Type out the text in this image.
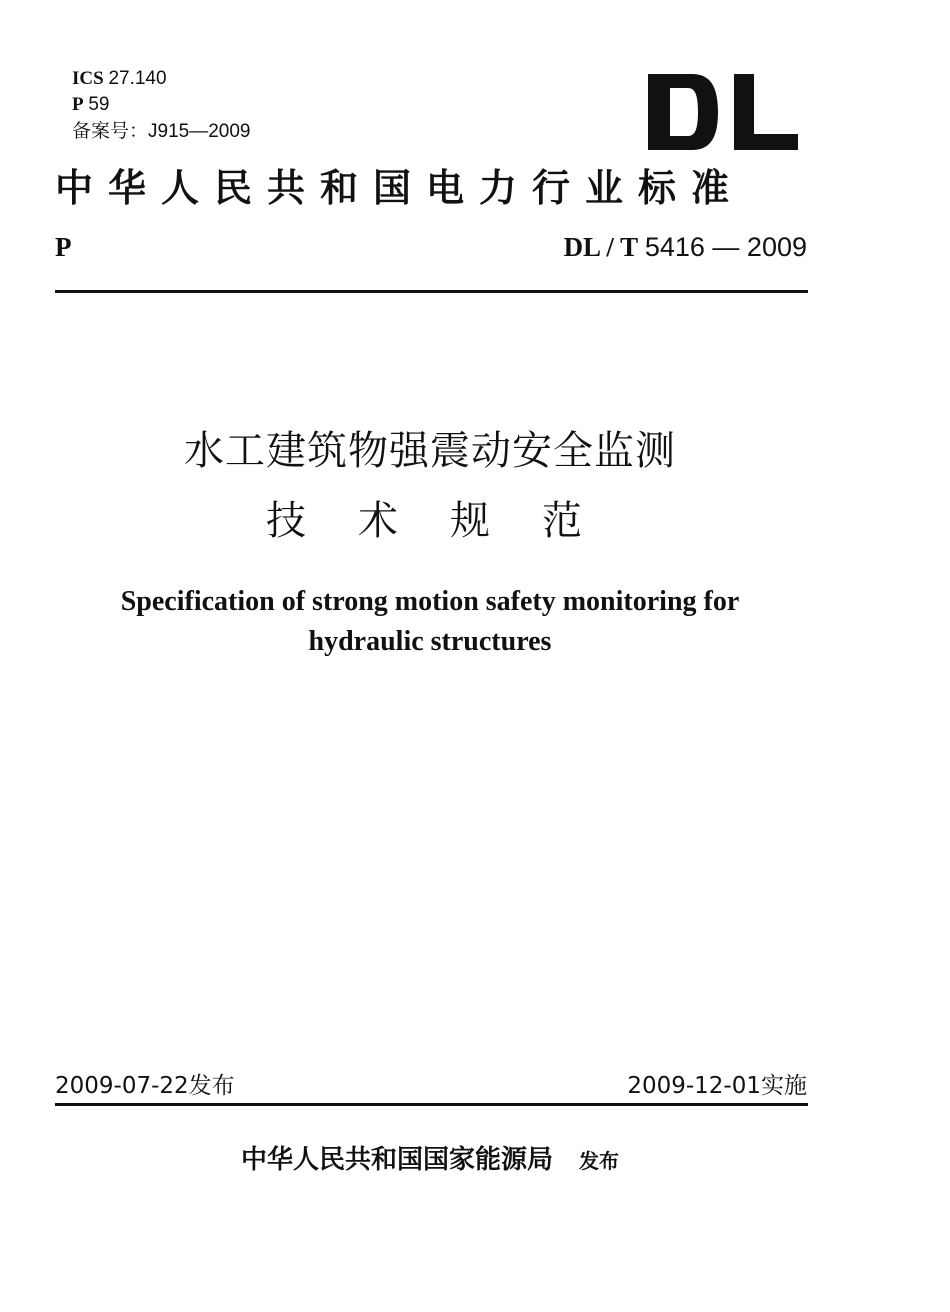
ICS 27.140
P 59
备案号：J915—2009
中华人民共和国电力行业标准
P	DL / T 5416 — 2009
水工建筑物强震动安全监测
技术规范
Specification of strong motion safety monitoring for
hydraulic structures
2009-07-22发布	2009-12-01实施
中华人民共和国国家能源局 发布
